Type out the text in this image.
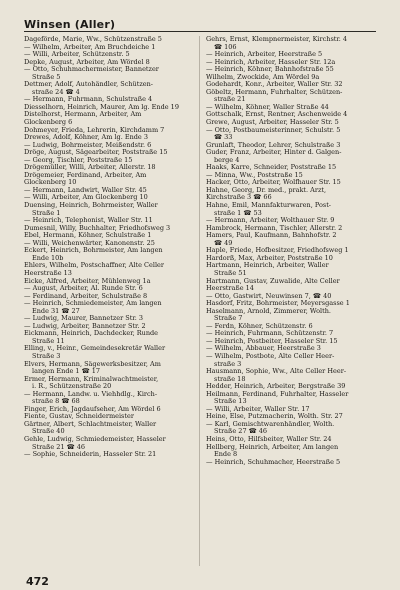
Winsen (Aller)
Dageförde, Marie, Ww., Schützenstraße 5
— Wilhelm, Arbeiter, Am Bruchdeiche 1
— Willi, Arbeiter, Schützenstr. 5
Depke, August, Arbeiter, Am Wördel 8
— Otto, Schuhmachermeister, Bannetzer
Straße 5
Dettmer, Adolf, Autohändler, Schützen-
straße 24 ☎ 4
— Hermann, Fuhrmann, Schulstraße 4
Diesselhorn, Heinrich, Maurer, Am lg. Ende 19
Distelhorst, Hermann, Arbeiter, Am
Glockenberg 6
Dohmeyer, Frieda, Lehrerin, Kirchdamm 7
Drewes, Adolf, Köhner, Am lg. Ende 3
— Ludwig, Bohrmeister, Meißendstr. 6
Dröge, August, Sägearbeiter, Poststraße 15
— Georg, Tischler, Poststraße 15
Drögemüller, Willi, Arbeiter, Allerstr. 18
Drögemeier, Ferdinand, Arbeiter, Am
Glockenberg 10
— Hermann, Landwirt, Waller Str. 45
— Willi, Arbeiter, Am Glockenberg 10
Duensing, Heinrich, Bohrmeister, Waller
Straße 1
— Heinrich, Telephonist, Waller Str. 11
Dumesnil, Willy, Buchhalter, Friedhofsweg 3
Ebel, Hermann, Köhner, Schulstraße 1
— Willi, Weichenwärter, Kanonenstr. 25
Eckert, Heinrich, Bohrmeister, Am langen
Ende 10b
Ehlers, Wilhelm, Postschaffner, Alte Celler
Heerstraße 13
Eicke, Alfred, Arbeiter, Mühlenweg 1a
— August, Arbeiter, Al. Runde Str. 6
— Ferdinand, Arbeiter, Schulstraße 8
— Heinrich, Schmiedemeister, Am langen
Ende 31 ☎ 27
— Ludwig, Maurer, Bannetzer Str. 3
— Ludwig, Arbeiter, Bannetzer Str. 2
Eickmann, Heinrich, Dachdecker, Runde
Straße 11
Elling, v., Heinr., Gemeindesekretär Waller
Straße 3
Elvers, Hermann, Sägewerksbesitzer, Am
langen Ende 1 ☎ 17
Ermer, Hermann, Kriminalwachtmeister,
i. R., Schützenstraße 20
— Hermann, Landw. u. Viehhdlg., Kirch-
straße 8 ☎ 68
Finger, Erich, Jagdaufseher, Am Wördel 6
Fiente, Gustav, Schneidermeister
Gärtner, Albert, Schlachtmeister, Waller
Straße 40
Gehle, Ludwig, Schmiedemeister, Hasseler
Straße 21 ☎ 46
— Sophie, Schneiderin, Hasseler Str. 21
Gehrs, Ernst, Klempnermeister, Kirchstr. 4
☎ 106
— Heinrich, Arbeiter, Heerstraße 5
— Heinrich, Arbeiter, Hasseler Str. 12a
— Heinrich, Köhner, Bahnhofstraße 55
Wilhelm, Zwockide, Am Wördel 9a
Godehardt, Konr., Arbeiter, Waller Str. 32
Göbeltz, Hermann, Fuhrhalter, Schützen-
straße 21
— Wilhelm, Köhner, Waller Straße 44
Gottschalk, Ernst, Rentner, Aschenweide 4
Grewe, August, Arbeiter, Hasseler Str. 5
— Otto, Postbaumeisterinner, Schulstr. 5
☎ 33
Grunlaft, Theodor, Lehrer, Schulstraße 3
Guder, Franz, Arbeiter, Hinter d. Galgen-
berge 4
Haaks, Karre, Schneider, Poststraße 15
— Minna, Ww., Poststraße 15
Hacker, Otto, Arbeiter, Wolfhauer Str. 15
Hahne, Georg, Dr. med., prakt. Arzt,
Kirchstraße 3 ☎ 66
Hahne, Emil, Mannfakturwaren, Post-
straße 1 ☎ 53
— Hermann, Arbeiter, Wolthauer Str. 9
Hambrock, Hermann, Tischler, Allerstr. 2
Hamers, Paul, Kaufmann, Bahnhofstr. 2
☎ 49
Haple, Friede, Hofbesitzer, Friedhofsweg 1
Hardorß, Max, Arbeiter, Poststraße 10
Hartmann, Heinrich, Arbeiter, Waller
Straße 51
Hartmann, Gustav, Zuwalide, Alte Celler
Heerstraße 14
— Otto, Gastwirt, Neuwinsen 7, ☎ 40
Hasdorf, Fritz, Bohrmeister, Meyersgasse 1
Haselmann, Arnold, Zimmerer, Wolth.
Straße 7
— Ferdn, Köhner, Schützenstr. 6
— Heinrich, Fuhrmann, Schützenstr. 7
— Heinrich, Postbeiter, Hasseler Str. 15
— Wilhelm, Abbauer, Heerstraße 3
— Wilhelm, Postbote, Alte Celler Heer-
straße 3
Hausmann, Sophie, Ww., Alte Celler Heer-
straße 18
Hedder, Heinrich, Arbeiter, Bergstraße 39
Heilmann, Ferdinand, Fuhrhalter, Hasseler
Straße 13
— Willi, Arbeiter, Waller Str. 17
Heine, Else, Putzmacherin, Wolth. Str. 27
— Karl, Gemischtwarenhändler, Wolth.
Straße 27 ☎ 46
Heins, Otto, Hilfsbeiter, Waller Str. 24
Hellberg, Heinrich, Arbeiter, Am langen
Ende 8
— Heinrich, Schuhmacher, Heerstraße 5
472
